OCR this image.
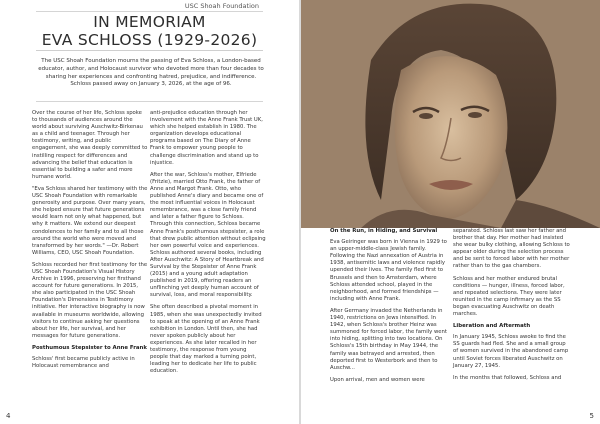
USC Shoah Foundation
IN MEMORIAM
EVA SCHLOSS (1929-2026)
The USC Shoah Foundation mourns the passing of Eva Schloss, a London-based educator, author, and Holocaust survivor who devoted more than four decades to sharing her experiences and confronting hatred, prejudice, and indifference. Schloss passed away on January 3, 2026, at the age of 96.

Over the course of her life, Schloss spoke to thousands of audiences around the world about surviving Auschwitz-Birkenau as a child and teenager. Through her testimony, writing, and public engagement, she was deeply committed to instilling respect for differences and advancing the belief that education is essential to building a safer and more humane world.

"Eva Schloss shared her testimony with the USC Shoah Foundation with remarkable generosity and purpose. Over many years, she helped ensure that future generations would learn not only what happened, but why it matters. We extend our deepest condolences to her family and to all those around the world who were moved and transformed by her words." —Dr. Robert Williams, CEO, USC Shoah Foundation.

Schloss recorded her first testimony for the USC Shoah Foundation's Visual History Archive in 1996, preserving her firsthand account for future generations. In 2015, she also participated in the USC Shoah Foundation's Dimensions in Testimony initiative. Her interactive biography is now available in museums worldwide, allowing visitors to continue asking her questions about her life, her survival, and her messages for future generations.

Posthumous Stepsister to Anne Frank

Schloss' first became publicly active in Holocaust remembrance and

anti-prejudice education through her involvement with the Anne Frank Trust UK, which she helped establish in 1980. The organization develops educational programs based on The Diary of Anne Frank to empower young people to challenge discrimination and stand up to injustice.

After the war, Schloss's mother, Elfriede (Fritzie), married Otto Frank, the father of Anne and Margot Frank. Otto, who published Anne's diary and became one of the most influential voices in Holocaust remembrance, was a close family friend and later a father figure to Schloss. Through this connection, Schloss became Anne Frank's posthumous stepsister, a role that drew public attention without eclipsing her own powerful voice and experiences. Schloss authored several books, including After Auschwitz: A Story of Heartbreak and Survival by the Stepsister of Anne Frank (2015) and a young adult adaptation published in 2019, offering readers an unflinching yet deeply human account of survival, loss, and moral responsibility.

She often described a pivotal moment in 1985, when she was unexpectedly invited to speak at the opening of an Anne Frank exhibition in London. Until then, she had never spoken publicly about her experiences. As she later recalled in her testimony, the response from young people that day marked a turning point, leading her to dedicate her life to public education.

4
On the Run, in Hiding, and Survival

Eva Geiringer was born in Vienna in 1929 to an upper-middle-class Jewish family. Following the Nazi annexation of Austria in 1938, antisemitic laws and violence rapidly upended their lives. The family fled first to Brussels and then to Amsterdam, where Schloss attended school, played in the neighborhood, and formed friendships — including with Anne Frank.

After Germany invaded the Netherlands in 1940, restrictions on Jews intensified. In 1942, when Schloss's brother Heinz was summoned for forced labor, the family went into hiding, splitting into two locations. On Schloss's 15th birthday in May 1944, the family was betrayed and arrested, then deported first to Westerbork and then to Auschw...

Upon arrival, men and women were

separated. Schloss last saw her father and brother that day. Her mother had insisted she wear bulky clothing, allowing Schloss to appear older during the selection process and be sent to forced labor with her mother rather than to the gas chambers.

Schloss and her mother endured brutal conditions — hunger, illness, forced labor, and repeated selections. They were later reunited in the camp infirmary as the SS began evacuating Auschwitz on death marches.

Liberation and Aftermath

In January 1945, Schloss awoke to find the SS guards had fled. She and a small group of women survived in the abandoned camp until Soviet forces liberated Auschwitz on January 27, 1945.

In the months that followed, Schloss and

5
